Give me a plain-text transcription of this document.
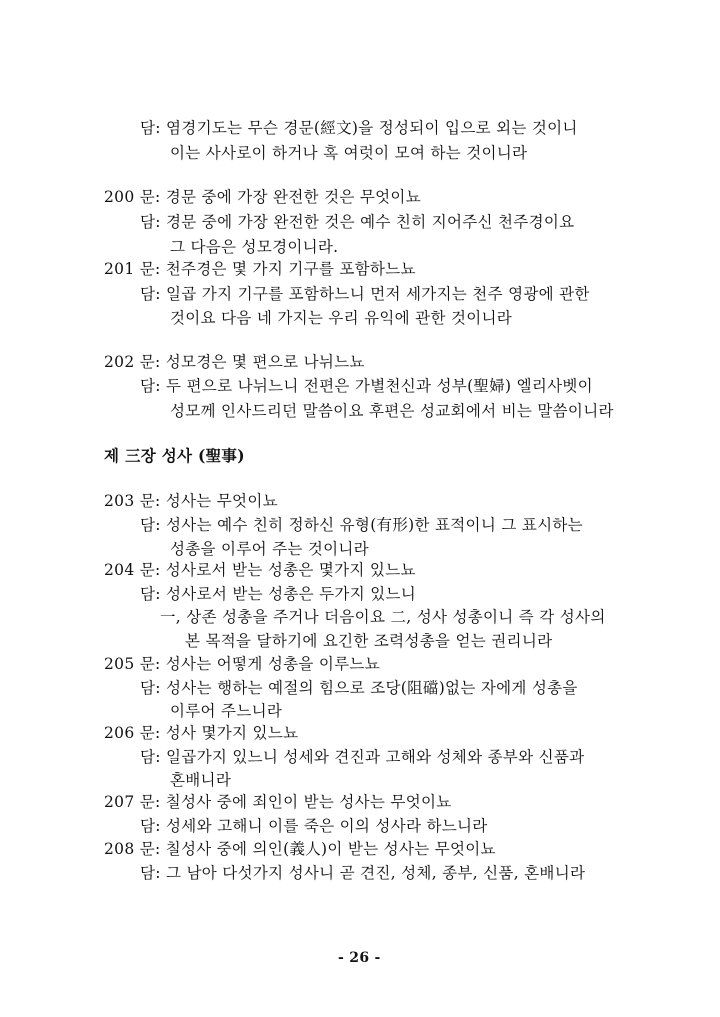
담: 염경기도는 무슨 경문(經文)을 정성되이 입으로 외는 것이니
이는 사사로이 하거나 혹 여럿이 모여 하는 것이니라
200 문: 경문 중에 가장 완전한 것은 무엇이뇨
담: 경문 중에 가장 완전한 것은 예수 친히 지어주신 천주경이요
그 다음은 성모경이니라.
201 문: 천주경은 몇 가지 기구를 포함하느뇨
담: 일곱 가지 기구를 포함하느니 먼저 세가지는 천주 영광에 관한
것이요 다음 네 가지는 우리 유익에 관한 것이니라
202 문: 성모경은 몇 편으로 나뉘느뇨
담: 두 편으로 나뉘느니 전편은 가별천신과 성부(聖婦) 엘리사벳이
성모께 인사드리던 말씀이요 후편은 성교회에서 비는 말씀이니라
제 三장 성사 (聖事)
203 문: 성사는 무엇이뇨
담: 성사는 예수 친히 정하신 유형(有形)한 표적이니 그 표시하는
성총을 이루어 주는 것이니라
204 문: 성사로서 받는 성총은 몇가지 있느뇨
담: 성사로서 받는 성총은 두가지 있느니
一, 상존 성총을 주거나 더음이요 二, 성사 성총이니 즉 각 성사의
본 목적을 달하기에 요긴한 조력성총을 얻는 권리니라
205 문: 성사는 어떻게 성총을 이루느뇨
담: 성사는 행하는 예절의 힘으로 조당(阻礑)없는 자에게 성총을
이루어 주느니라
206 문: 성사 몇가지 있느뇨
담: 일곱가지 있느니 성세와 견진과 고해와 성체와 종부와 신품과
혼배니라
207 문: 칠성사 중에 죄인이 받는 성사는 무엇이뇨
담: 성세와 고해니 이를 죽은 이의 성사라 하느니라
208 문: 칠성사 중에 의인(義人)이 받는 성사는 무엇이뇨
담: 그 남아 다섯가지 성사니 곧 견진, 성체, 종부, 신품, 혼배니라
- 26 -
